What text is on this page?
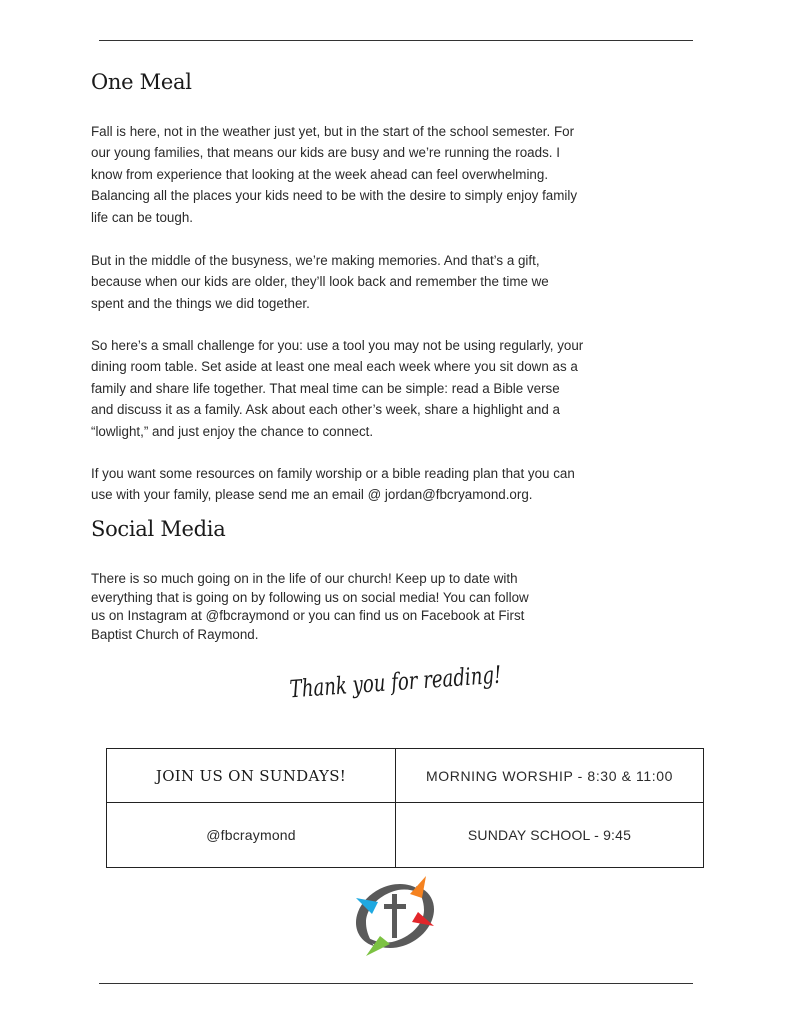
One Meal

Fall is here, not in the weather just yet, but in the start of the school semester. For
our young families, that means our kids are busy and we’re running the roads. I
know from experience that looking at the week ahead can feel overwhelming.
Balancing all the places your kids need to be with the desire to simply enjoy family
life can be tough.

But in the middle of the busyness, we’re making memories. And that’s a gift,
because when our kids are older, they’ll look back and remember the time we
spent and the things we did together.

So here’s a small challenge for you: use a tool you may not be using regularly, your
dining room table. Set aside at least one meal each week where you sit down as a
family and share life together. That meal time can be simple: read a Bible verse
and discuss it as a family. Ask about each other’s week, share a highlight and a
“lowlight,” and just enjoy the chance to connect.

If you want some resources on family worship or a bible reading plan that you can
use with your family, please send me an email @ jordan@fbcryamond.org.

Social Media

There is so much going on in the life of our church! Keep up to date with
everything that is going on by following us on social media! You can follow
us on Instagram at @fbcraymond or you can find us on Facebook at First
Baptist Church of Raymond.

Thank you for reading!
JOIN US ON SUNDAYS!	MORNING WORSHIP - 8:30 & 11:00
@fbcraymond	SUNDAY SCHOOL - 9:45
